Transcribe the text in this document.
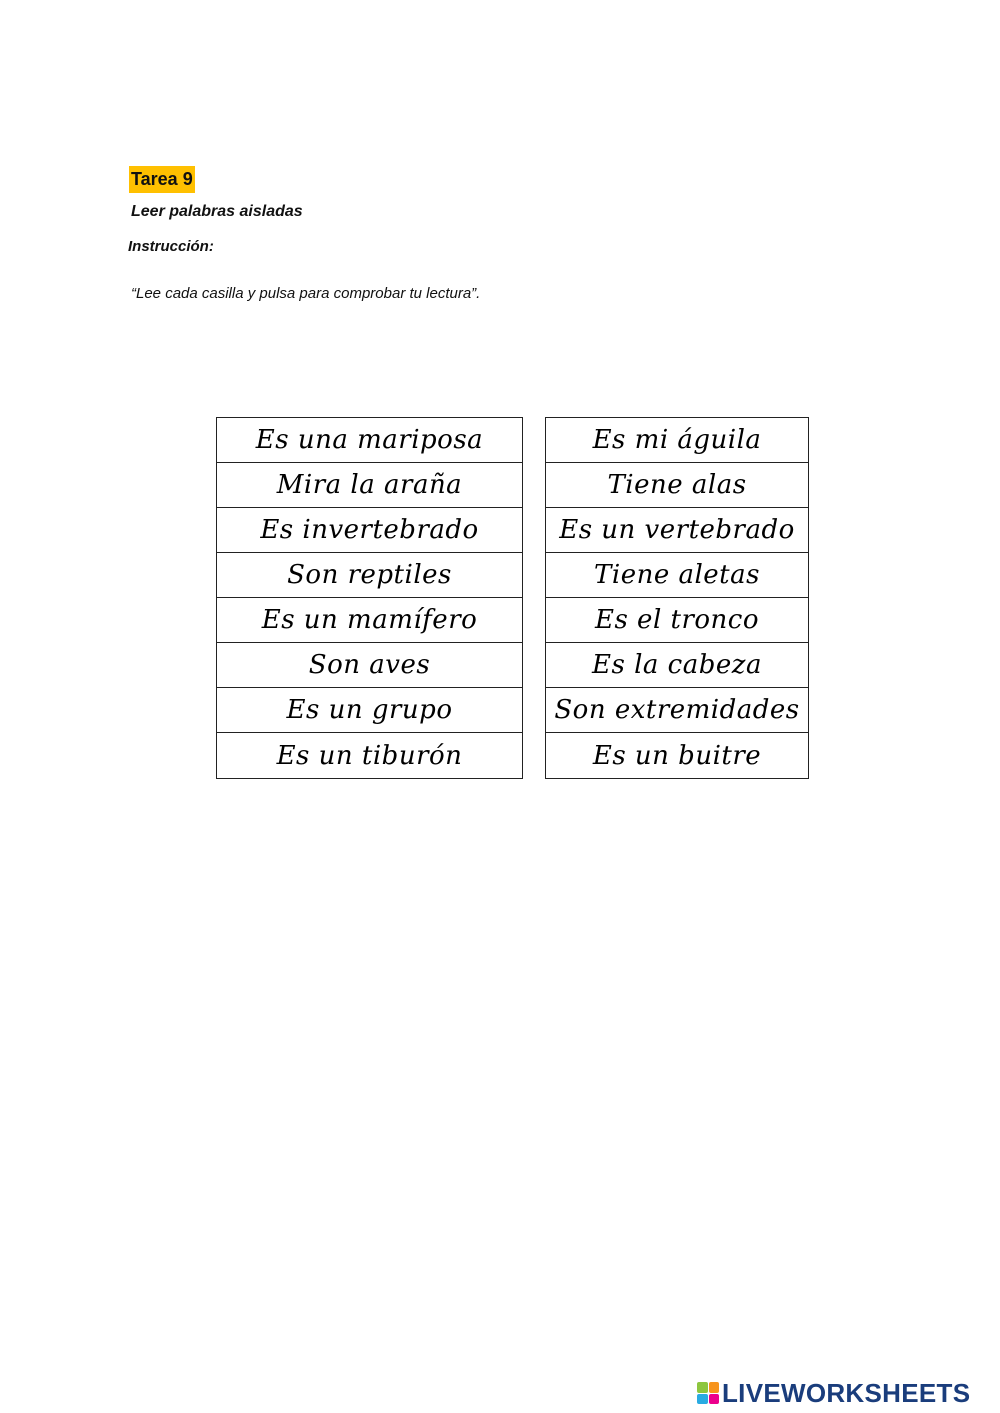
Tarea 9
Leer palabras aisladas
Instrucción:
“Lee cada casilla y pulsa para comprobar tu lectura”.
Es una mariposa
Mira la araña
Es invertebrado
Son reptiles
Es un mamífero
Son aves
Es un grupo
Es un tiburón
Es mi águila
Tiene alas
Es un vertebrado
Tiene aletas
Es el tronco
Es la cabeza
Son extremidades
Es un buitre
LIVEWORKSHEETS
